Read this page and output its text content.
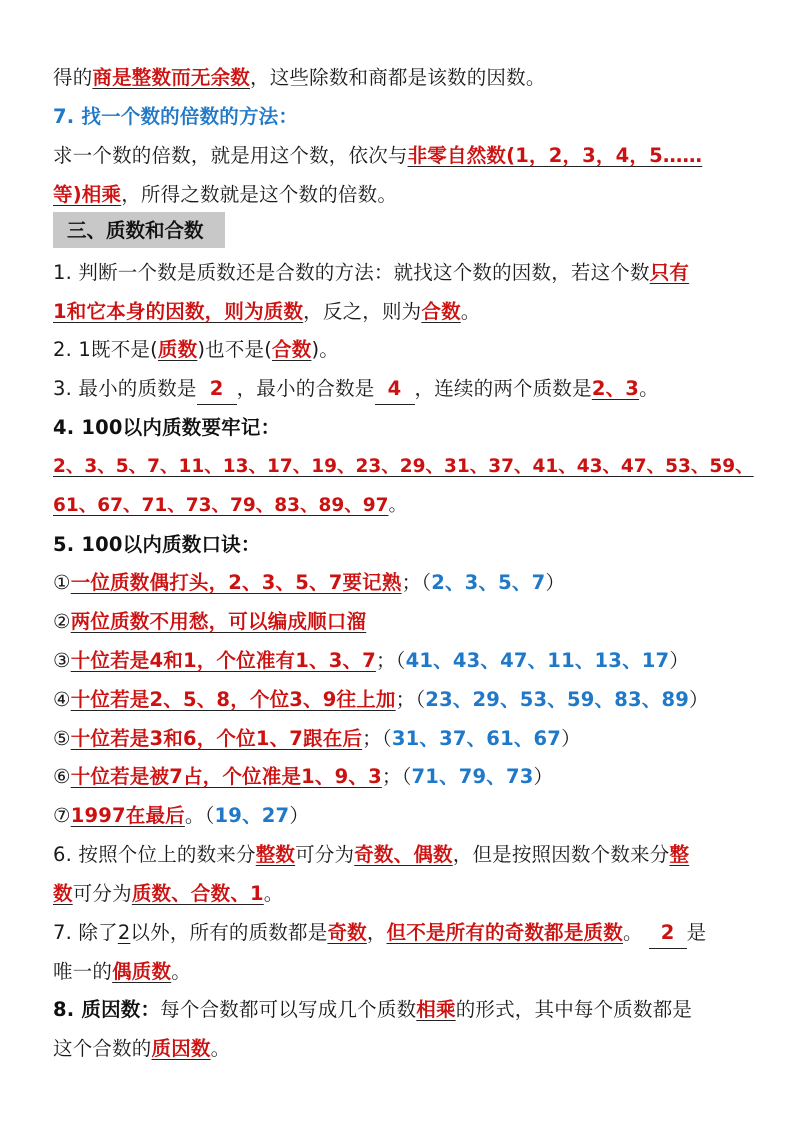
得的商是整数而无余数，这些除数和商都是该数的因数。
7. 找一个数的倍数的方法：
求一个数的倍数，就是用这个数，依次与非零自然数(1，2，3，4，5……
等)相乘，所得之数就是这个数的倍数。
三、质数和合数
1. 判断一个数是质数还是合数的方法：就找这个数的因数，若这个数只有
1和它本身的因数，则为质数，反之，则为合数。
2. 1既不是(质数)也不是(合数)。
3. 最小的质数是 2 ，最小的合数是 4 ，连续的两个质数是2、3。
4. 100以内质数要牢记：
2、3、5、7、11、13、17、19、23、29、31、37、41、43、47、53、59、
61、67、71、73、79、83、89、97。
5. 100以内质数口诀：
①一位质数偶打头，2、3、5、7要记熟；（2、3、5、7）
②两位质数不用愁，可以编成顺口溜
③十位若是4和1，个位准有1、3、7；（41、43、47、11、13、17）
④十位若是2、5、8，个位3、9往上加；（23、29、53、59、83、89）
⑤十位若是3和6，个位1、7跟在后；（31、37、61、67）
⑥十位若是被7占，个位准是1、9、3；（71、79、73）
⑦1997在最后。（19、27）
6. 按照个位上的数来分整数可分为奇数、偶数，但是按照因数个数来分整
数可分为质数、合数、1。
7. 除了2以外，所有的质数都是奇数，但不是所有的奇数都是质数。 2 是
唯一的偶质数。
8. 质因数：每个合数都可以写成几个质数相乘的形式，其中每个质数都是
这个合数的质因数。
